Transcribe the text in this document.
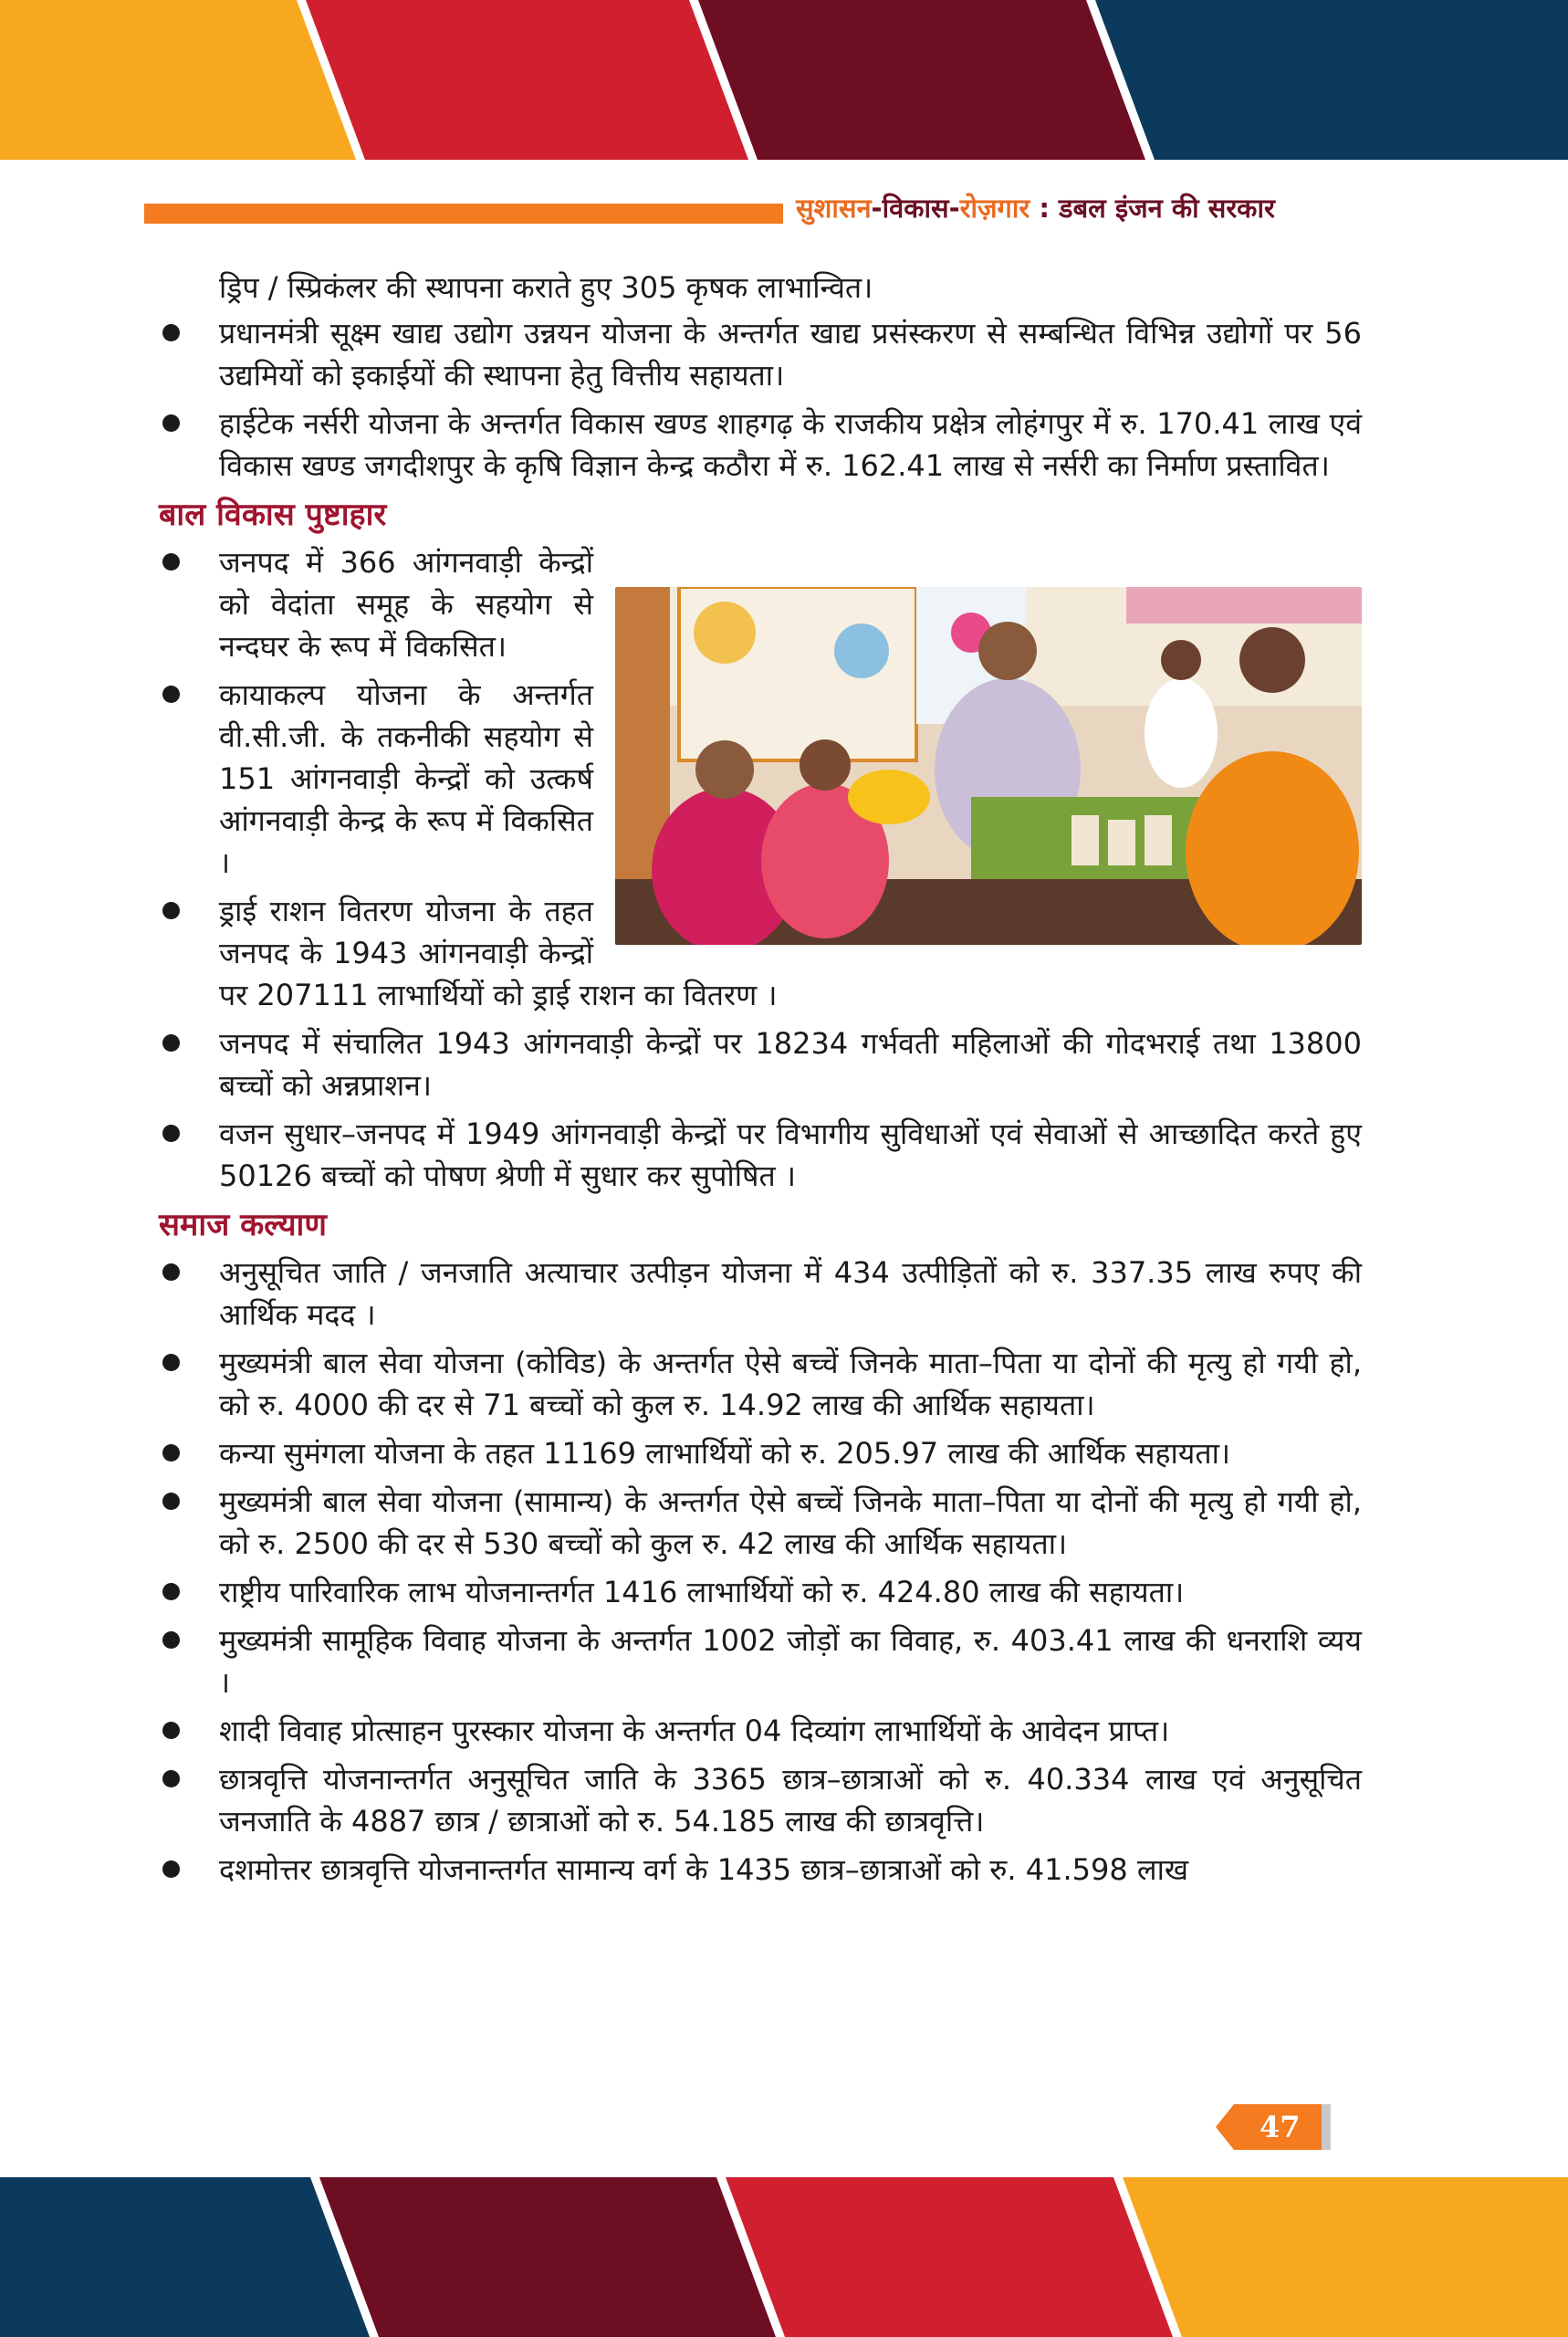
सुशासन-विकास-रोज़गार : डबल इंजन की सरकार

ड्रिप / स्प्रिकंलर की स्थापना कराते हुए 305 कृषक लाभान्वित।

प्रधानमंत्री सूक्ष्म खाद्य उद्योग उन्नयन योजना के अन्तर्गत खाद्य प्रसंस्करण से सम्बन्धित विभिन्न उद्योगों पर 56 उद्यमियों को इकाईयों की स्थापना हेतु वित्तीय सहायता।
हाईटेक नर्सरी योजना के अन्तर्गत विकास खण्ड शाहगढ़ के राजकीय प्रक्षेत्र लोहंगपुर में रु. 170.41 लाख एवं विकास खण्ड जगदीशपुर के कृषि विज्ञान केन्द्र कठौरा में रु. 162.41 लाख से नर्सरी का निर्माण प्रस्तावित।
बाल विकास पुष्टाहार
जनपद में 366 आंगनवाड़ी केन्द्रों को वेदांता समूह के सहयोग से नन्दघर के रूप में विकसित।
कायाकल्प योजना के अन्तर्गत वी.सी.जी. के तकनीकी सहयोग से 151 आंगनवाड़ी केन्द्रों को उत्कर्ष आंगनवाड़ी केन्द्र के रूप में विकसित ।
ड्राई राशन वितरण योजना के तहत जनपद के 1943 आंगनवाड़ी केन्द्रों पर 207111 लाभार्थियों को ड्राई राशन का वितरण ।
जनपद में संचालित 1943 आंगनवाड़ी केन्द्रों पर 18234 गर्भवती महिलाओं की गोदभराई तथा 13800 बच्चों को अन्नप्राशन।
वजन सुधार–जनपद में 1949 आंगनवाड़ी केन्द्रों पर विभागीय सुविधाओं एवं सेवाओं से आच्छादित करते हुए 50126 बच्चों को पोषण श्रेणी में सुधार कर सुपोषित ।
समाज कल्याण
अनुसूचित जाति / जनजाति अत्याचार उत्पीड़न योजना में 434 उत्पीड़ितों को रु. 337.35 लाख रुपए की आर्थिक मदद ।
मुख्यमंत्री बाल सेवा योजना (कोविड) के अन्तर्गत ऐसे बच्चें जिनके माता–पिता या दोनों की मृत्यु हो गयी हो, को रु. 4000 की दर से 71 बच्चों को कुल रु. 14.92 लाख की आर्थिक सहायता।
कन्या सुमंगला योजना के तहत 11169 लाभार्थियों को रु. 205.97 लाख की आर्थिक सहायता।
मुख्यमंत्री बाल सेवा योजना (सामान्य) के अन्तर्गत ऐसे बच्चें जिनके माता–पिता या दोनों की मृत्यु हो गयी हो, को रु. 2500 की दर से 530 बच्चों को कुल रु. 42 लाख की आर्थिक सहायता।
राष्ट्रीय पारिवारिक लाभ योजनान्तर्गत 1416 लाभार्थियों को रु. 424.80 लाख की सहायता।
मुख्यमंत्री सामूहिक विवाह योजना के अन्तर्गत 1002 जोड़ों का विवाह, रु. 403.41 लाख की धनराशि व्यय ।
शादी विवाह प्रोत्साहन पुरस्कार योजना के अन्तर्गत 04 दिव्यांग लाभार्थियों के आवेदन प्राप्त।
छात्रवृत्ति योजनान्तर्गत अनुसूचित जाति के 3365 छात्र–छात्राओं को रु. 40.334 लाख एवं अनुसूचित जनजाति के 4887 छात्र / छात्राओं को रु. 54.185 लाख की छात्रवृत्ति।
दशमोत्तर छात्रवृत्ति योजनान्तर्गत सामान्य वर्ग के 1435 छात्र–छात्राओं को रु. 41.598 लाख
47
